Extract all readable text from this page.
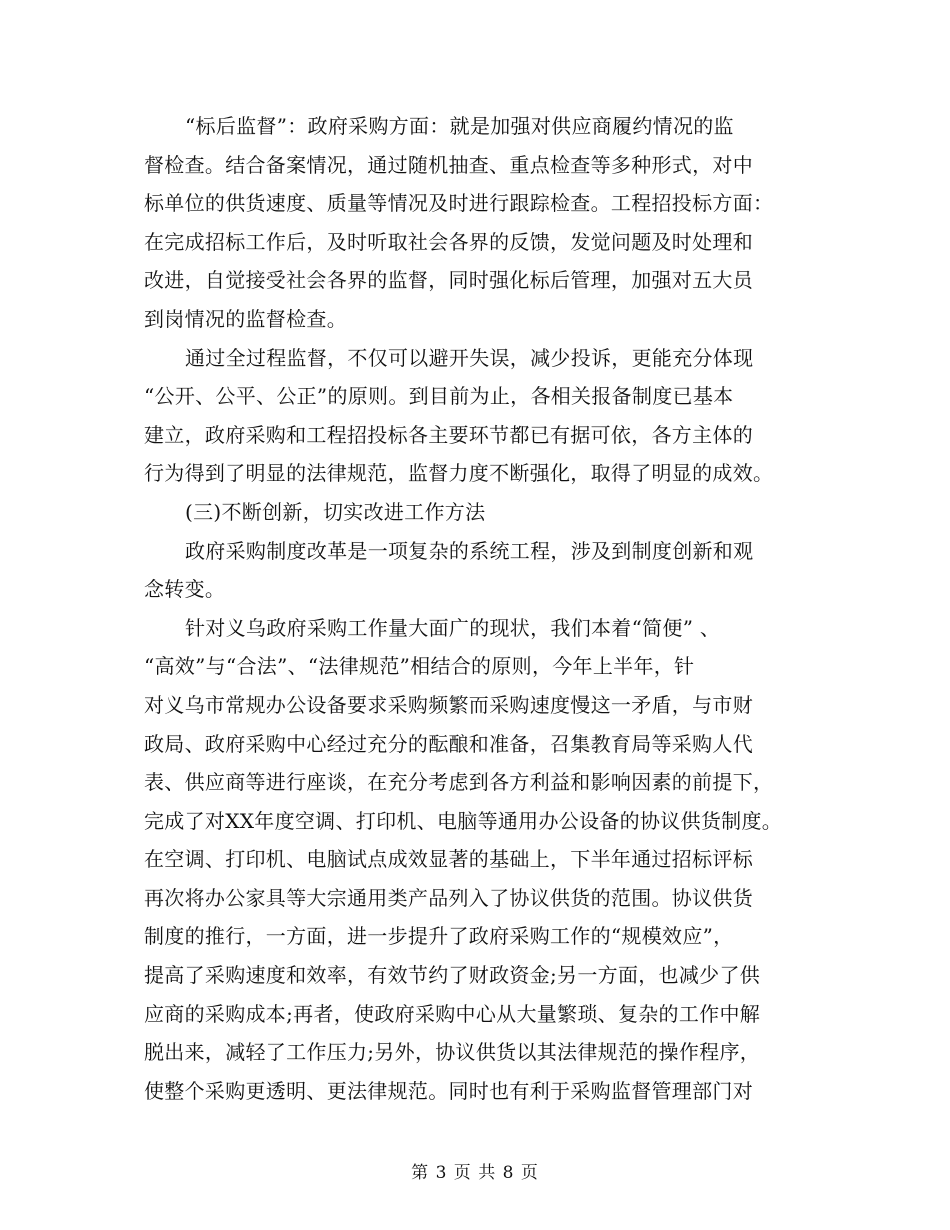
“标后监督”：政府采购方面：就是加强对供应商履约情况的监
督检查。结合备案情况，通过随机抽查、重点检查等多种形式，对中
标单位的供货速度、质量等情况及时进行跟踪检查。工程招投标方面：
在完成招标工作后，及时听取社会各界的反馈，发觉问题及时处理和
改进，自觉接受社会各界的监督，同时强化标后管理，加强对五大员
到岗情况的监督检查。
通过全过程监督，不仅可以避开失误，减少投诉，更能充分体现
“公开、公平、公正”的原则。到目前为止，各相关报备制度已基本
建立，政府采购和工程招投标各主要环节都已有据可依，各方主体的
行为得到了明显的法律规范，监督力度不断强化，取得了明显的成效。
(三)不断创新，切实改进工作方法
政府采购制度改革是一项复杂的系统工程，涉及到制度创新和观
念转变。
针对义乌政府采购工作量大面广的现状，我们本着“简便” 、
“高效”与“合法”、“法律规范”相结合的原则，今年上半年，针
对义乌市常规办公设备要求采购频繁而采购速度慢这一矛盾，与市财
政局、政府采购中心经过充分的酝酿和准备，召集教育局等采购人代
表、供应商等进行座谈，在充分考虑到各方利益和影响因素的前提下，
完成了对XX年度空调、打印机、电脑等通用办公设备的协议供货制度。
在空调、打印机、电脑试点成效显著的基础上，下半年通过招标评标
再次将办公家具等大宗通用类产品列入了协议供货的范围。协议供货
制度的推行，一方面，进一步提升了政府采购工作的“规模效应”，
提高了采购速度和效率，有效节约了财政资金;另一方面，也减少了供
应商的采购成本;再者，使政府采购中心从大量繁琐、复杂的工作中解
脱出来，减轻了工作压力;另外，协议供货以其法律规范的操作程序，
使整个采购更透明、更法律规范。同时也有利于采购监督管理部门对
第 3 页 共 8 页
